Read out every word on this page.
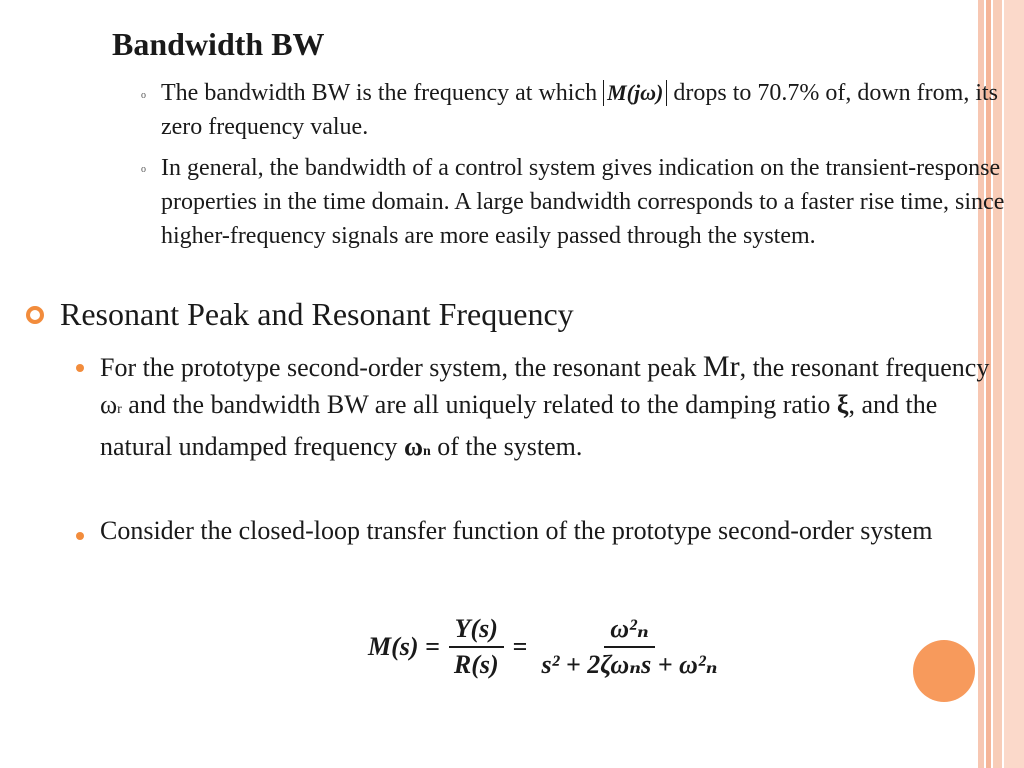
Bandwidth BW
o The bandwidth BW is the frequency at which M(jω) drops to 70.7% of, down from, its zero frequency value.
o In general, the bandwidth of a control system gives indication on the transient-response properties in the time domain. A large bandwidth corresponds to a faster rise time, since higher-frequency signals are more easily passed through the system.
Resonant Peak and Resonant Frequency
For the prototype second-order system, the resonant peak Mr, the resonant frequency ωr and the bandwidth BW are all uniquely related to the damping ratio ξ, and the natural undamped frequency ωn of the system.
Consider the closed-loop transfer function of the prototype second-order system
$M(s) = \frac{Y(s)}{R(s)} = \frac{\text{ω²ₙ}}{\text{s² + 2ζωₙs + ω²ₙ}}$
